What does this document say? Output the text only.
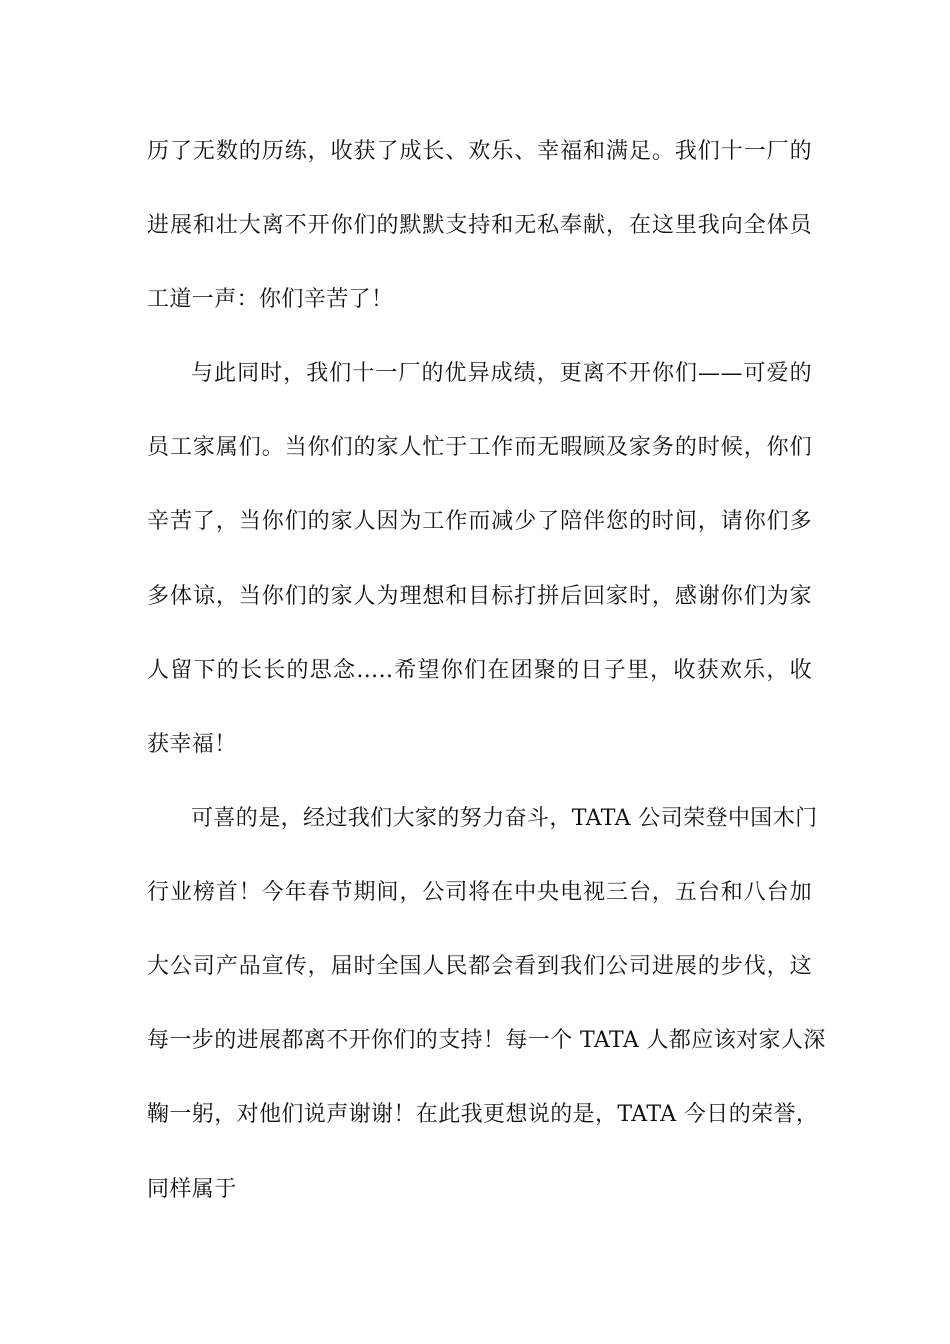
历了无数的历练，收获了成长、欢乐、幸福和满足。我们十一厂的
进展和壮大离不开你们的默默支持和无私奉献，在这里我向全体员
工道一声：你们辛苦了！
与此同时，我们十一厂的优异成绩，更离不开你们——可爱的
员工家属们。当你们的家人忙于工作而无暇顾及家务的时候，你们
辛苦了，当你们的家人因为工作而减少了陪伴您的时间，请你们多
多体谅，当你们的家人为理想和目标打拼后回家时，感谢你们为家
人留下的长长的思念…..希望你们在团聚的日子里，收获欢乐，收
获幸福！
可喜的是，经过我们大家的努力奋斗，TATA 公司荣登中国木门
行业榜首！今年春节期间，公司将在中央电视三台，五台和八台加
大公司产品宣传，届时全国人民都会看到我们公司进展的步伐，这
每一步的进展都离不开你们的支持！每一个 TATA 人都应该对家人深
鞠一躬，对他们说声谢谢！在此我更想说的是，TATA 今日的荣誉，
同样属于
